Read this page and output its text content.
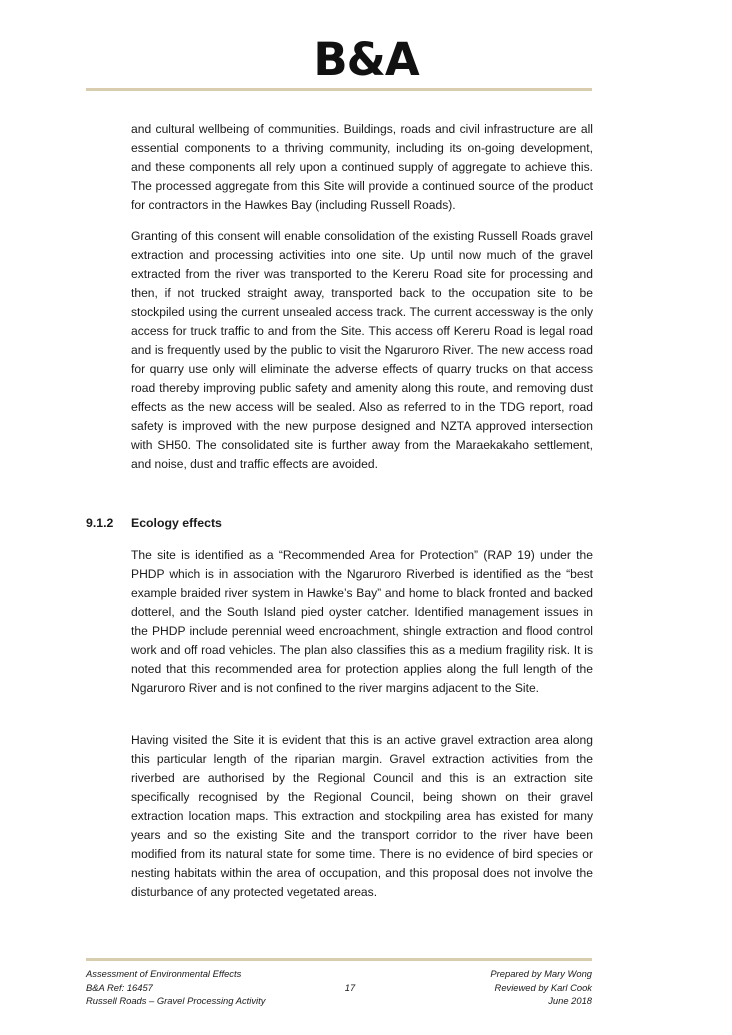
B&A

and cultural wellbeing of communities. Buildings, roads and civil infrastructure are all essential components to a thriving community, including its on-going development, and these components all rely upon a continued supply of aggregate to achieve this. The processed aggregate from this Site will provide a continued source of the product for contractors in the Hawkes Bay (including Russell Roads).

Granting of this consent will enable consolidation of the existing Russell Roads gravel extraction and processing activities into one site. Up until now much of the gravel extracted from the river was transported to the Kereru Road site for processing and then, if not trucked straight away, transported back to the occupation site to be stockpiled using the current unsealed access track. The current accessway is the only access for truck traffic to and from the Site. This access off Kereru Road is legal road and is frequently used by the public to visit the Ngaruroro River. The new access road for quarry use only will eliminate the adverse effects of quarry trucks on that access road thereby improving public safety and amenity along this route, and removing dust effects as the new access will be sealed. Also as referred to in the TDG report, road safety is improved with the new purpose designed and NZTA approved intersection with SH50. The consolidated site is further away from the Maraekakaho settlement, and noise, dust and traffic effects are avoided.

9.1.2 Ecology effects

The site is identified as a “Recommended Area for Protection” (RAP 19) under the PHDP which is in association with the Ngaruroro Riverbed is identified as the “best example braided river system in Hawke’s Bay” and home to black fronted and backed dotterel, and the South Island pied oyster catcher. Identified management issues in the PHDP include perennial weed encroachment, shingle extraction and flood control work and off road vehicles. The plan also classifies this as a medium fragility risk. It is noted that this recommended area for protection applies along the full length of the Ngaruroro River and is not confined to the river margins adjacent to the Site.

Having visited the Site it is evident that this is an active gravel extraction area along this particular length of the riparian margin. Gravel extraction activities from the riverbed are authorised by the Regional Council and this is an extraction site specifically recognised by the Regional Council, being shown on their gravel extraction location maps. This extraction and stockpiling area has existed for many years and so the existing Site and the transport corridor to the river have been modified from its natural state for some time. There is no evidence of bird species or nesting habitats within the area of occupation, and this proposal does not involve the disturbance of any protected vegetated areas.

Assessment of Environmental Effects
B&A Ref: 16457
Russell Roads – Gravel Processing Activity
17
Prepared by Mary Wong
Reviewed by Karl Cook
June 2018
